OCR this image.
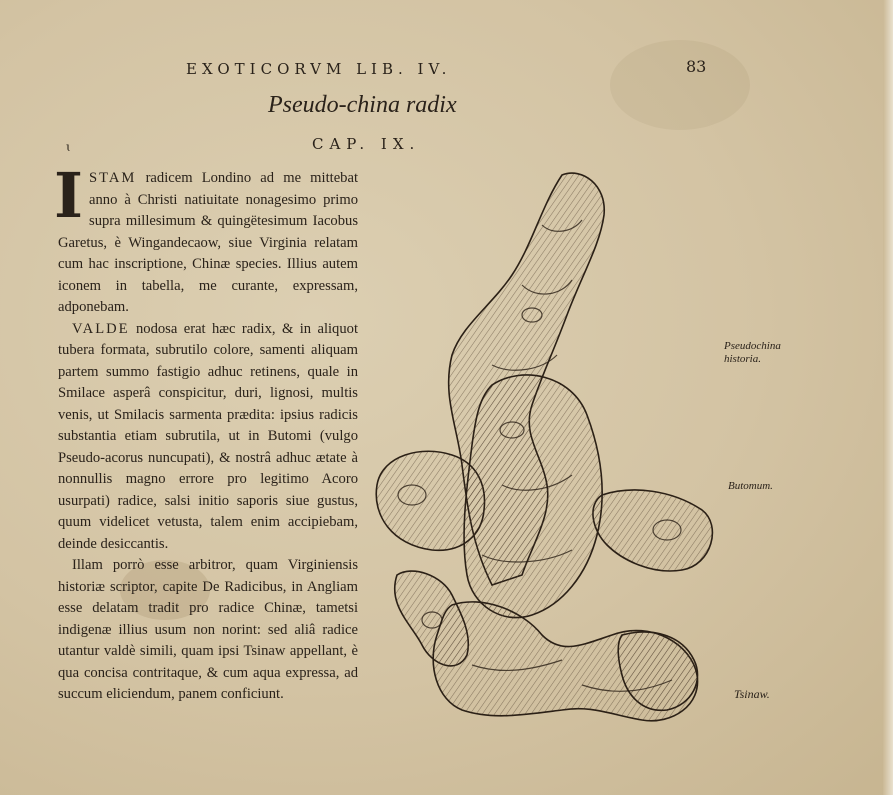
EXOTICORVM LIB. IV.	83
Pseudo-china radix
CAP. IX.
ɩ

ISTAM radicem Londino ad me mittebat anno à Christi natiuitate nonagesimo primo supra millesimum & quingëtesimum Iacobus Garetus, è Wingandecaow, siue Virginia relatam cum hac inscriptione, Chinæ species. Illius autem iconem in tabella, me curante, expressam, adponebam.

VALDE nodosa erat hæc radix, & in aliquot tubera formata, subrutilo colore, samenti aliquam partem summo fastigio adhuc retinens, quale in Smilace asperâ conspicitur, duri, lignosi, multis venis, ut Smilacis sarmenta prædita: ipsius radicis substantia etiam subrutila, ut in Butomi (vulgo Pseudo-acorus nuncupati), & nostrâ adhuc ætate à nonnullis magno errore pro legitimo Acoro usurpati) radice, salsi initio saporis siue gustus, quum videlicet vetusta, talem enim accipiebam, deinde desiccantis.

Illam porrò esse arbitror, quam Virginiensis historiæ scriptor, capite De Radicibus, in Angliam esse delatam tradit pro radice Chinæ, tametsi indigenæ illius usum non norint: sed aliâ radice utantur valdè simili, quam ipsi Tsinaw appellant, è qua concisa contritaque, & cum aqua expressa, ad succum eliciendum, panem conficiunt.

Pseudochina
historia.
Butomum.
Tsinaw.
